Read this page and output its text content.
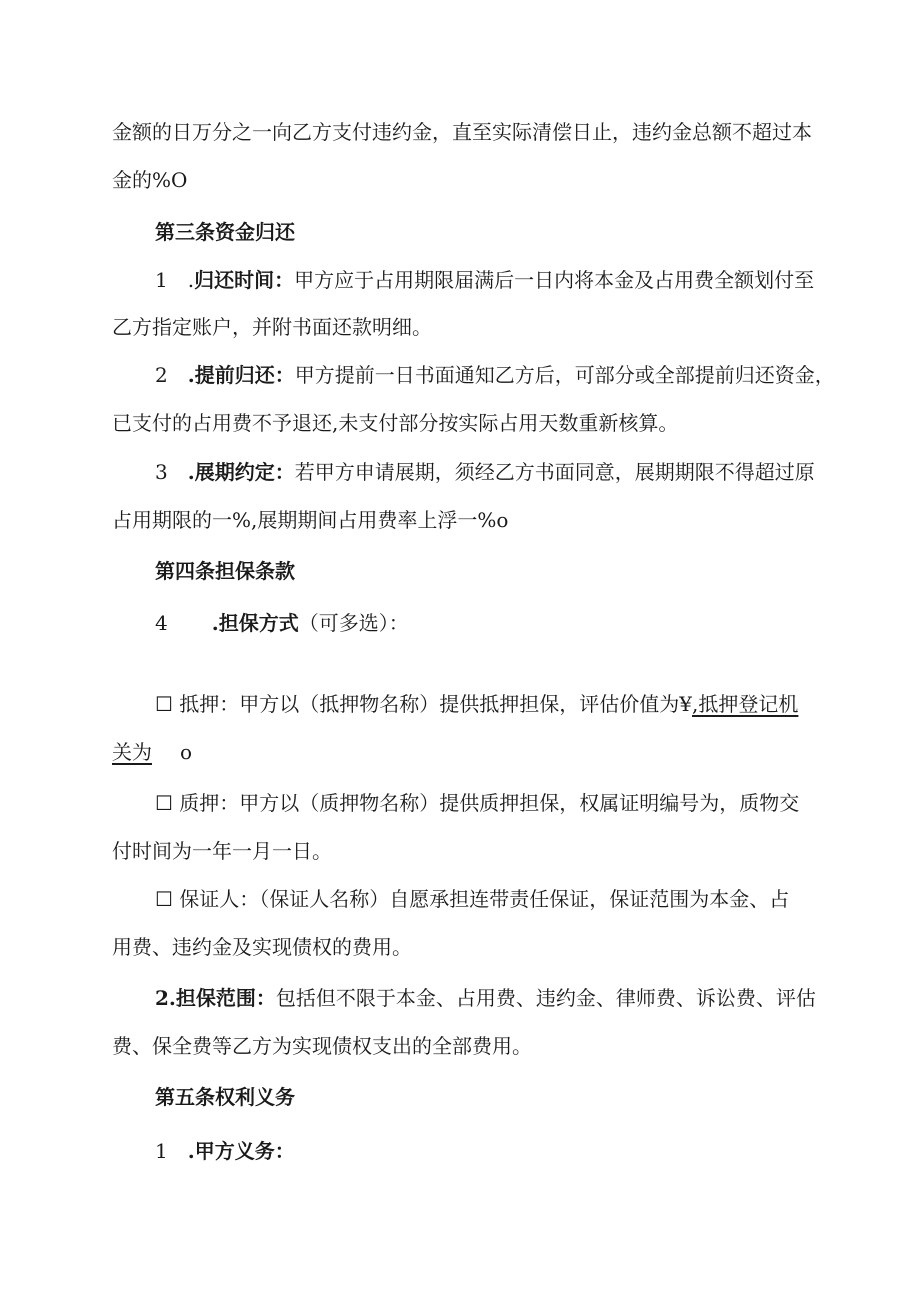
金额的日万分之一向乙方支付违约金，直至实际清偿日止，违约金总额不超过本
金的%O
第三条资金归还
1 .归还时间：甲方应于占用期限届满后一日内将本金及占用费全额划付至
乙方指定账户，并附书面还款明细。
2 .提前归还：甲方提前一日书面通知乙方后，可部分或全部提前归还资金，
已支付的占用费不予退还,未支付部分按实际占用天数重新核算。
3 .展期约定：若甲方申请展期，须经乙方书面同意，展期期限不得超过原
占用期限的一%,展期期间占用费率上浮一%o
第四条担保条款
4 .担保方式（可多选）：
☐ 抵押：甲方以（抵押物名称）提供抵押担保，评估价值为¥,抵押登记机
关为 o
☐ 质押：甲方以（质押物名称）提供质押担保，权属证明编号为，质物交
付时间为一年一月一日。
☐ 保证人：（保证人名称）自愿承担连带责任保证，保证范围为本金、占
用费、违约金及实现债权的费用。
2.担保范围：包括但不限于本金、占用费、违约金、律师费、诉讼费、评估
费、保全费等乙方为实现债权支出的全部费用。
第五条权利义务
1 .甲方义务：
